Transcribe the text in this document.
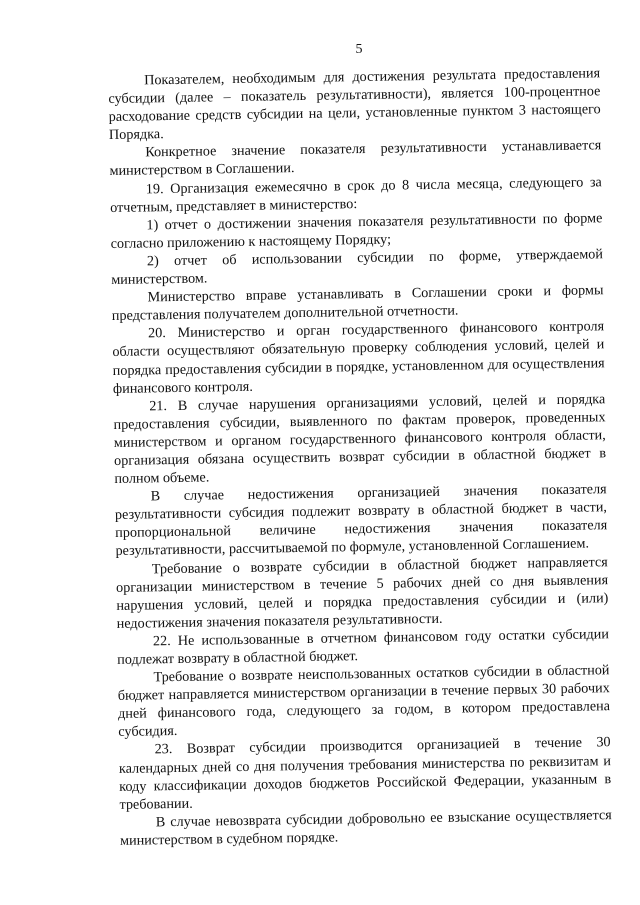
5

Показателем, необходимым для достижения результата предоставления субсидии (далее – показатель результативности), является 100-процентное расходование средств субсидии на цели, установленные пунктом 3 настоящего Порядка.

Конкретное значение показателя результативности устанавливается министерством в Соглашении.

19. Организация ежемесячно в срок до 8 числа месяца, следующего за отчетным, представляет в министерство:

1) отчет о достижении значения показателя результативности по форме согласно приложению к настоящему Порядку;

2) отчет об использовании субсидии по форме, утверждаемой министерством.

Министерство вправе устанавливать в Соглашении сроки и формы представления получателем дополнительной отчетности.

20. Министерство и орган государственного финансового контроля области осуществляют обязательную проверку соблюдения условий, целей и порядка предоставления субсидии в порядке, установленном для осуществления финансового контроля.

21. В случае нарушения организациями условий, целей и порядка предоставления субсидии, выявленного по фактам проверок, проведенных министерством и органом государственного финансового контроля области, организация обязана осуществить возврат субсидии в областной бюджет в полном объеме.

В случае недостижения организацией значения показателя результативности субсидия подлежит возврату в областной бюджет в части, пропорциональной величине недостижения значения показателя результативности, рассчитываемой по формуле, установленной Соглашением.

Требование о возврате субсидии в областной бюджет направляется организации министерством в течение 5 рабочих дней со дня выявления нарушения условий, целей и порядка предоставления субсидии и (или) недостижения значения показателя результативности.

22. Не использованные в отчетном финансовом году остатки субсидии подлежат возврату в областной бюджет.

Требование о возврате неиспользованных остатков субсидии в областной бюджет направляется министерством организации в течение первых 30 рабочих дней финансового года, следующего за годом, в котором предоставлена субсидия.

23. Возврат субсидии производится организацией в течение 30 календарных дней со дня получения требования министерства по реквизитам и коду классификации доходов бюджетов Российской Федерации, указанным в требовании.

В случае невозврата субсидии добровольно ее взыскание осуществляется министерством в судебном порядке.
